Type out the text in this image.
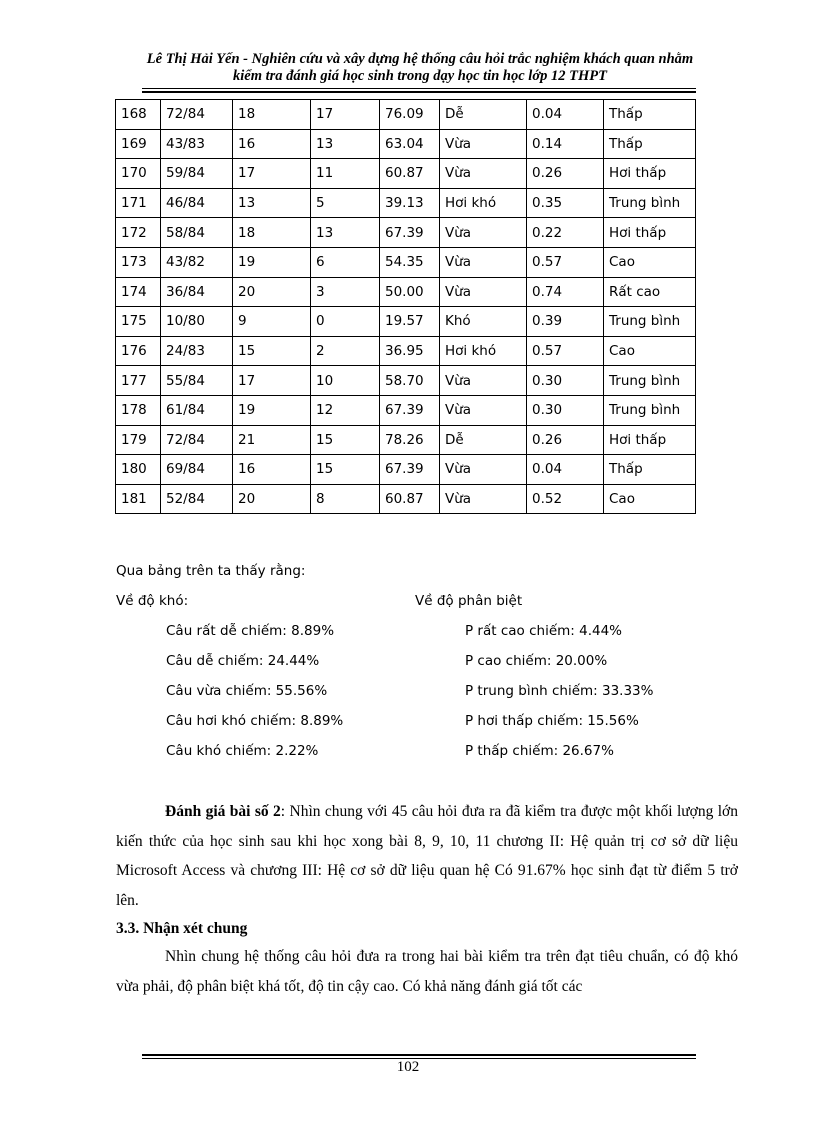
Lê Thị Hải Yến - Nghiên cứu và xây dựng hệ thống câu hỏi trắc nghiệm khách quan nhằm
kiểm tra đánh giá học sinh trong dạy học tin học lớp 12 THPT
168	72/84	18	17	76.09	Dễ	0.04	Thấp
169	43/83	16	13	63.04	Vừa	0.14	Thấp
170	59/84	17	11	60.87	Vừa	0.26	Hơi thấp
171	46/84	13	5	39.13	Hơi khó	0.35	Trung bình
172	58/84	18	13	67.39	Vừa	0.22	Hơi thấp
173	43/82	19	6	54.35	Vừa	0.57	Cao
174	36/84	20	3	50.00	Vừa	0.74	Rất cao
175	10/80	9	0	19.57	Khó	0.39	Trung bình
176	24/83	15	2	36.95	Hơi khó	0.57	Cao
177	55/84	17	10	58.70	Vừa	0.30	Trung bình
178	61/84	19	12	67.39	Vừa	0.30	Trung bình
179	72/84	21	15	78.26	Dễ	0.26	Hơi thấp
180	69/84	16	15	67.39	Vừa	0.04	Thấp
181	52/84	20	8	60.87	Vừa	0.52	Cao
Qua bảng trên ta thấy rằng:
Về độ khó:	Về độ phân biệt
Câu rất dễ chiếm: 8.89%
Câu dễ chiếm: 24.44%
Câu vừa chiếm: 55.56%
Câu hơi khó chiếm: 8.89%
Câu khó chiếm: 2.22%
P rất cao chiếm: 4.44%
P cao chiếm: 20.00%
P trung bình chiếm: 33.33%
P hơi thấp chiếm: 15.56%
P thấp chiếm: 26.67%
Đánh giá bài số 2: Nhìn chung với 45 câu hỏi đưa ra đã kiểm tra được một khối lượng lớn kiến thức của học sinh sau khi học xong bài 8, 9, 10, 11 chương II: Hệ quản trị cơ sở dữ liệu Microsoft Access và chương III: Hệ cơ sở dữ liệu quan hệ Có 91.67% học sinh đạt từ điểm 5 trở lên.
3.3. Nhận xét chung
Nhìn chung hệ thống câu hỏi đưa ra trong hai bài kiểm tra trên đạt tiêu chuẩn, có độ khó vừa phải, độ phân biệt khá tốt, độ tin cậy cao. Có khả năng đánh giá tốt các
102
